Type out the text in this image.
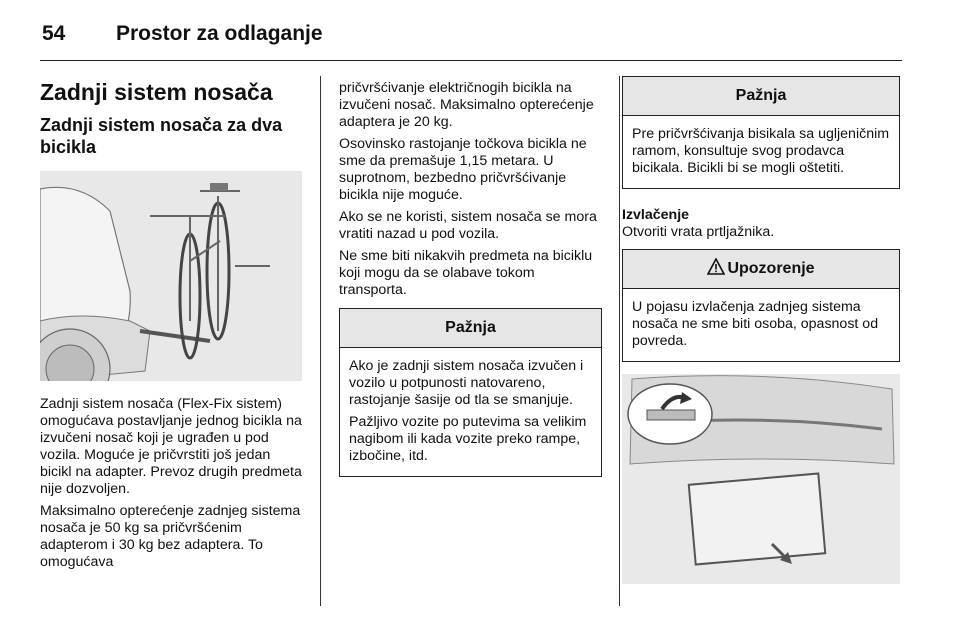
54 Prostor za odlaganje
Zadnji sistem nosača
Zadnji sistem nosača za dva bicikla

Zadnji sistem nosača (Flex-Fix sistem) omogućava postavljanje jednog bicikla na izvučeni nosač koji je ugrađen u pod vozila. Moguće je pričvrstiti još jedan bicikl na adapter. Prevoz drugih predmeta nije dozvoljen.

Maksimalno opterećenje zadnjeg sistema nosača je 50 kg sa pričvršćenim adapterom i 30 kg bez adaptera. To omogućava

pričvršćivanje električnogih bicikla na izvučeni nosač. Maksimalno opterećenje adaptera je 20 kg.

Osovinsko rastojanje točkova bicikla ne sme da premašuje 1,15 metara. U suprotnom, bezbedno pričvršćivanje bicikla nije moguće.

Ako se ne koristi, sistem nosača se mora vratiti nazad u pod vozila.

Ne sme biti nikakvih predmeta na biciklu koji mogu da se olabave tokom transporta.

Pažnja

Ako je zadnji sistem nosača izvučen i vozilo u potpunosti natovareno, rastojanje šasije od tla se smanjuje.

Pažljivo vozite po putevima sa velikim nagibom ili kada vozite preko rampe, izbočine, itd.

Pažnja

Pre pričvršćivanja bisikala sa ugljeničnim ramom, konsultuje svog prodavca bicikala. Bicikli bi se mogli oštetiti.

Izvlačenje

Otvoriti vrata prtljažnika.

Upozorenje

U pojasu izvlačenja zadnjeg sistema nosača ne sme biti osoba, opasnost od povreda.
